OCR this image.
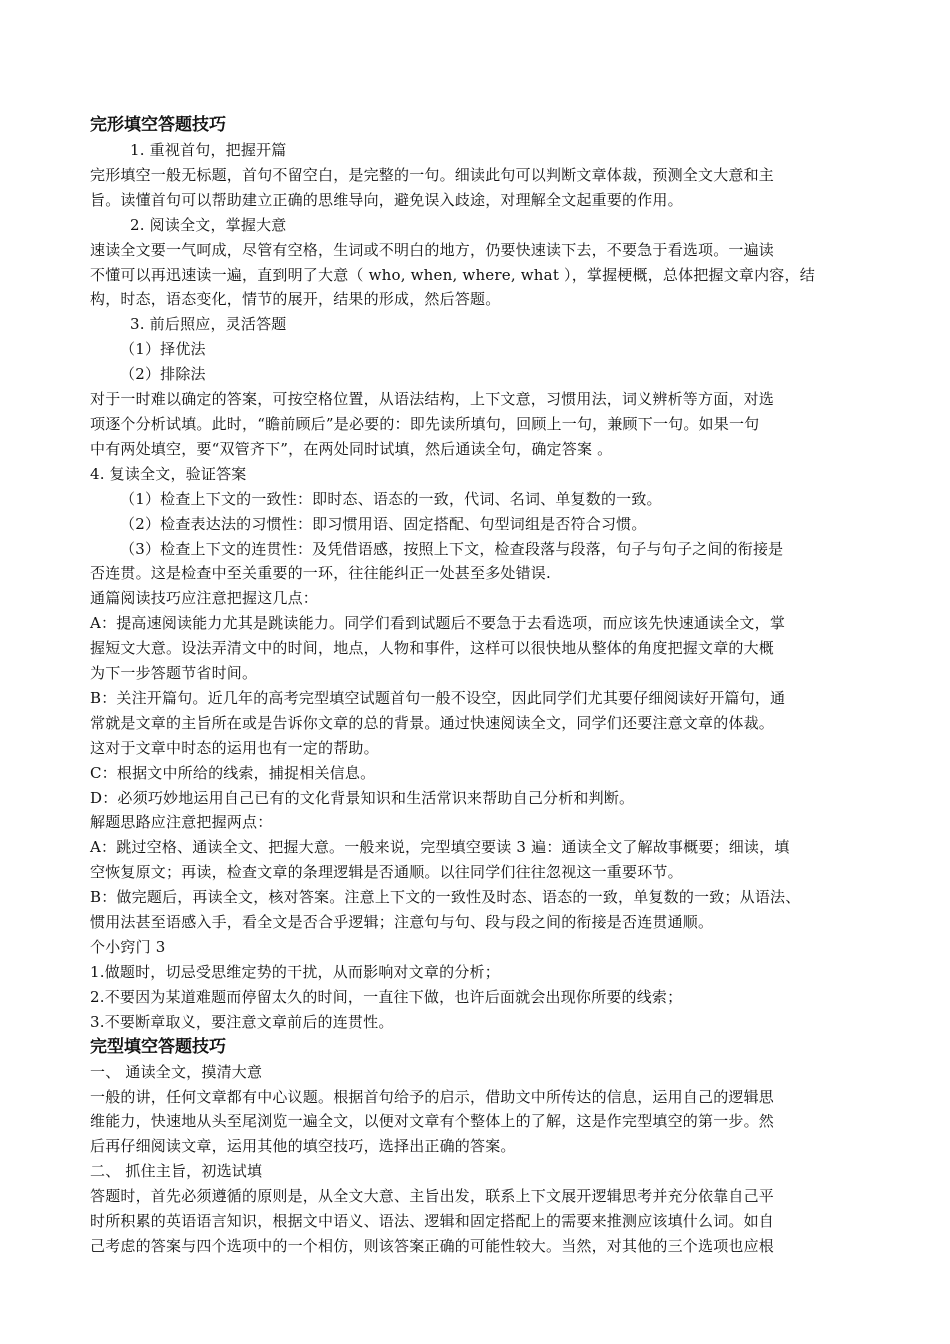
完形填空答题技巧
1. 重视首句，把握开篇
完形填空一般无标题，首句不留空白，是完整的一句。细读此句可以判断文章体裁，预测全文大意和主
旨。读懂首句可以帮助建立正确的思维导向，避免误入歧途，对理解全文起重要的作用。
2. 阅读全文，掌握大意
速读全文要一气呵成，尽管有空格，生词或不明白的地方，仍要快速读下去，不要急于看选项。一遍读
不懂可以再迅速读一遍，直到明了大意（ who, when, where, what ），掌握梗概，总体把握文章内容，结
构，时态，语态变化，情节的展开，结果的形成，然后答题。
3. 前后照应，灵活答题
（1）择优法
（2）排除法
对于一时难以确定的答案，可按空格位置，从语法结构，上下文意，习惯用法，词义辨析等方面，对选
项逐个分析试填。此时，“瞻前顾后”是必要的：即先读所填句，回顾上一句，兼顾下一句。如果一句
中有两处填空，要“双管齐下”，在两处同时试填，然后通读全句，确定答案 。
4. 复读全文，验证答案
（1）检查上下文的一致性：即时态、语态的一致，代词、名词、单复数的一致。
（2）检查表达法的习惯性：即习惯用语、固定搭配、句型词组是否符合习惯。
（3）检查上下文的连贯性：及凭借语感，按照上下文，检查段落与段落，句子与句子之间的衔接是
否连贯。这是检查中至关重要的一环，往往能纠正一处甚至多处错误.
通篇阅读技巧应注意把握这几点：
A：提高速阅读能力尤其是跳读能力。同学们看到试题后不要急于去看选项，而应该先快速通读全文，掌
握短文大意。设法弄清文中的时间，地点，人物和事件，这样可以很快地从整体的角度把握文章的大概
为下一步答题节省时间。
B：关注开篇句。近几年的高考完型填空试题首句一般不设空，因此同学们尤其要仔细阅读好开篇句，通
常就是文章的主旨所在或是告诉你文章的总的背景。通过快速阅读全文，同学们还要注意文章的体裁。
这对于文章中时态的运用也有一定的帮助。
C：根据文中所给的线索，捕捉相关信息。
D：必须巧妙地运用自己已有的文化背景知识和生活常识来帮助自己分析和判断。
解题思路应注意把握两点：
A：跳过空格、通读全文、把握大意。一般来说，完型填空要读 3 遍：通读全文了解故事概要；细读，填
空恢复原文；再读，检查文章的条理逻辑是否通顺。以往同学们往往忽视这一重要环节。
B：做完题后，再读全文，核对答案。注意上下文的一致性及时态、语态的一致，单复数的一致；从语法、
惯用法甚至语感入手，看全文是否合乎逻辑；注意句与句、段与段之间的衔接是否连贯通顺。
个小窍门 3
1.做题时，切忌受思维定势的干扰，从而影响对文章的分析；
2.不要因为某道难题而停留太久的时间，一直往下做，也许后面就会出现你所要的线索；
3.不要断章取义，要注意文章前后的连贯性。
完型填空答题技巧
一、 通读全文，摸清大意
一般的讲，任何文章都有中心议题。根据首句给予的启示，借助文中所传达的信息，运用自己的逻辑思
维能力，快速地从头至尾浏览一遍全文，以便对文章有个整体上的了解，这是作完型填空的第一步。然
后再仔细阅读文章，运用其他的填空技巧，选择出正确的答案。
二、 抓住主旨，初选试填
答题时，首先必须遵循的原则是，从全文大意、主旨出发，联系上下文展开逻辑思考并充分依靠自己平
时所积累的英语语言知识，根据文中语义、语法、逻辑和固定搭配上的需要来推测应该填什么词。如自
己考虑的答案与四个选项中的一个相仿，则该答案正确的可能性较大。当然，对其他的三个选项也应根
